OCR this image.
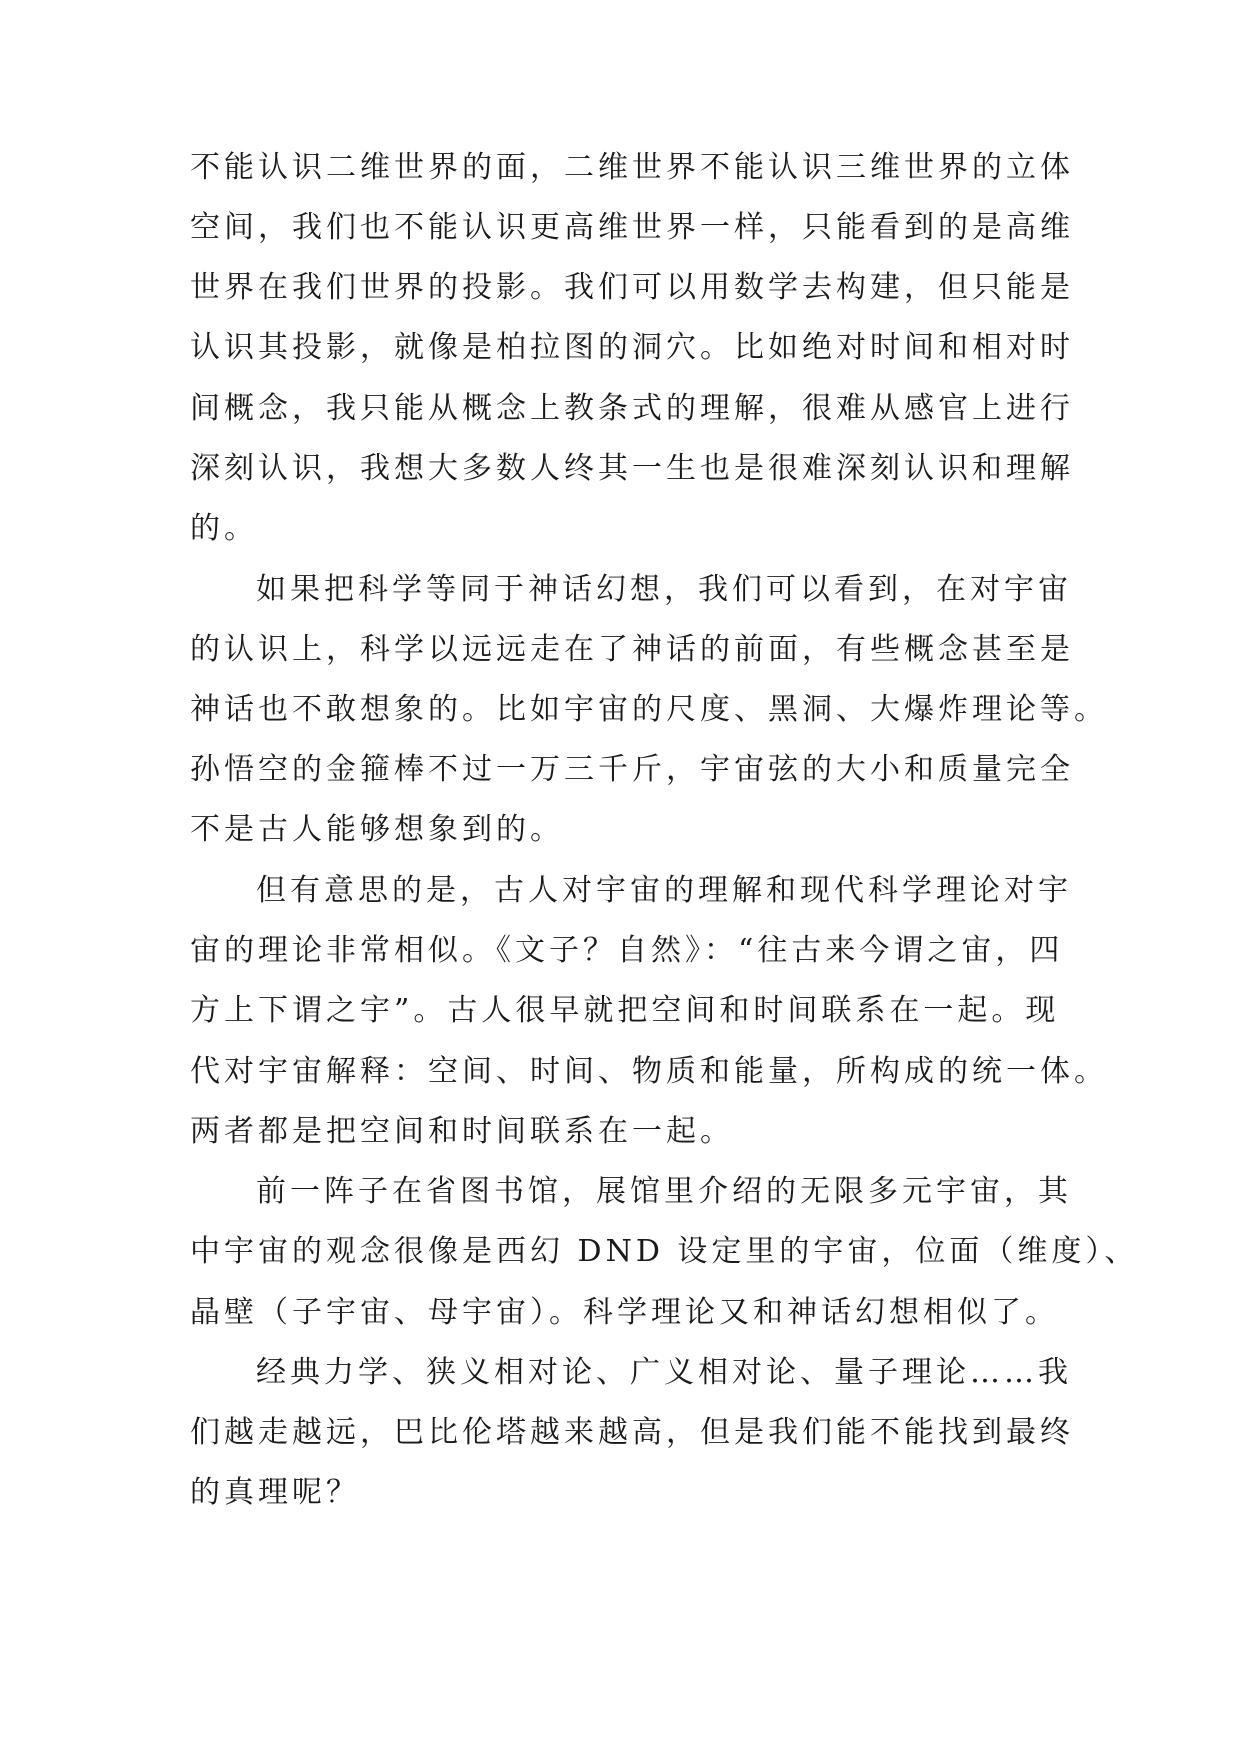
不能认识二维世界的面，二维世界不能认识三维世界的立体
空间，我们也不能认识更高维世界一样，只能看到的是高维
世界在我们世界的投影。我们可以用数学去构建，但只能是
认识其投影，就像是柏拉图的洞穴。比如绝对时间和相对时
间概念，我只能从概念上教条式的理解，很难从感官上进行
深刻认识，我想大多数人终其一生也是很难深刻认识和理解
的。
如果把科学等同于神话幻想，我们可以看到，在对宇宙
的认识上，科学以远远走在了神话的前面，有些概念甚至是
神话也不敢想象的。比如宇宙的尺度、黑洞、大爆炸理论等。
孙悟空的金箍棒不过一万三千斤，宇宙弦的大小和质量完全
不是古人能够想象到的。
但有意思的是，古人对宇宙的理解和现代科学理论对宇
宙的理论非常相似。《文子？自然》：“往古来今谓之宙，四
方上下谓之宇”。古人很早就把空间和时间联系在一起。现
代对宇宙解释：空间、时间、物质和能量，所构成的统一体。
两者都是把空间和时间联系在一起。
前一阵子在省图书馆，展馆里介绍的无限多元宇宙，其
中宇宙的观念很像是西幻 DND 设定里的宇宙，位面（维度）、
晶壁（子宇宙、母宇宙）。科学理论又和神话幻想相似了。
经典力学、狭义相对论、广义相对论、量子理论……我
们越走越远，巴比伦塔越来越高，但是我们能不能找到最终
的真理呢？
